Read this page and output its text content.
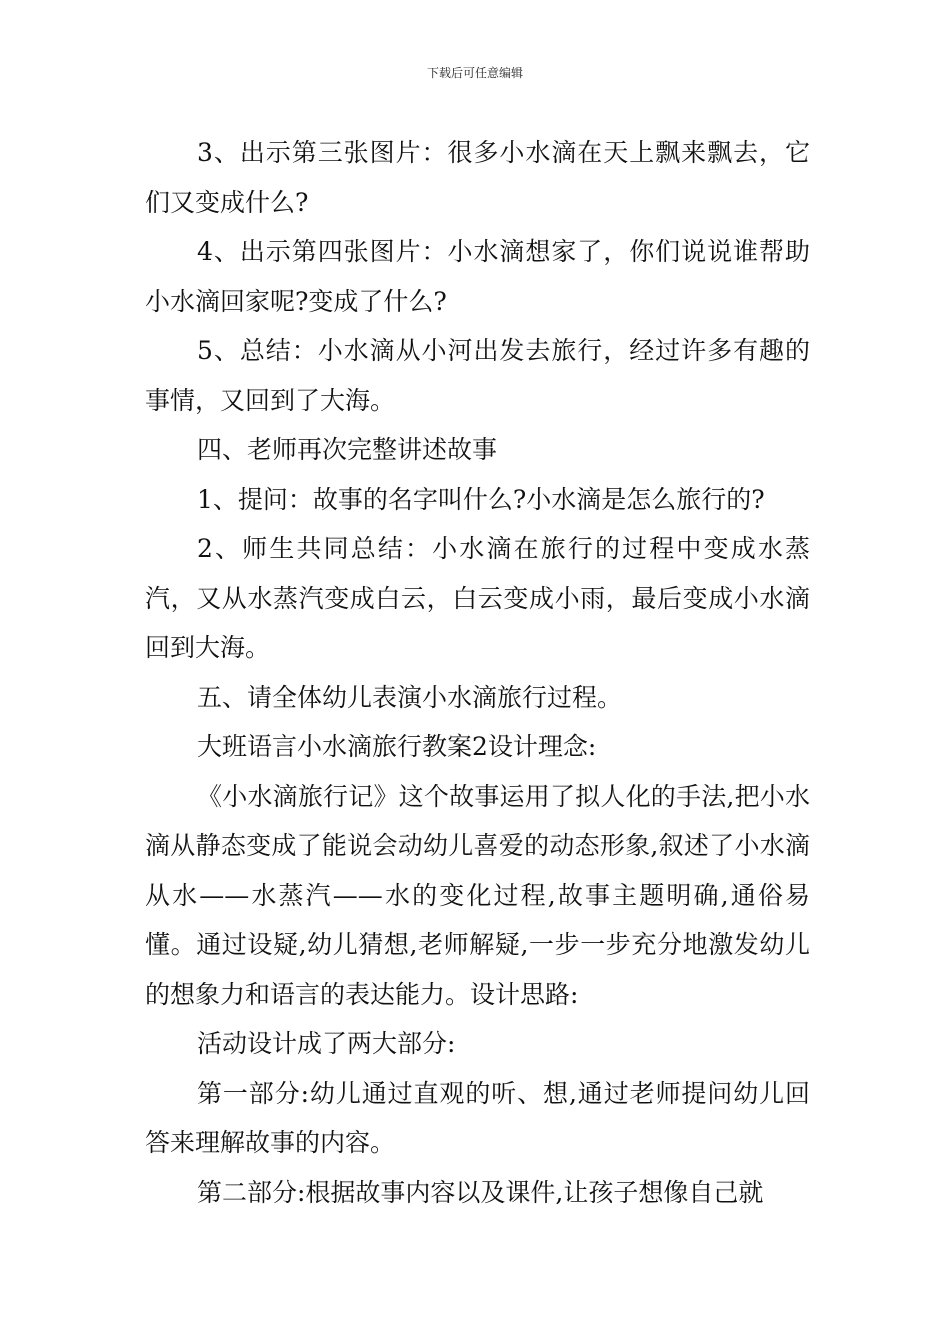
下载后可任意编辑

3、出示第三张图片：很多小水滴在天上飘来飘去，它们又变成什么?

4、出示第四张图片：小水滴想家了，你们说说谁帮助小水滴回家呢?变成了什么?

5、总结：小水滴从小河出发去旅行，经过许多有趣的事情，又回到了大海。

四、老师再次完整讲述故事

1、提问：故事的名字叫什么?小水滴是怎么旅行的?

2、师生共同总结：小水滴在旅行的过程中变成水蒸汽，又从水蒸汽变成白云，白云变成小雨，最后变成小水滴回到大海。

五、请全体幼儿表演小水滴旅行过程。

大班语言小水滴旅行教案2设计理念:

《小水滴旅行记》这个故事运用了拟人化的手法,把小水滴从静态变成了能说会动幼儿喜爱的动态形象,叙述了小水滴从水——水蒸汽——水的变化过程,故事主题明确,通俗易懂。通过设疑,幼儿猜想,老师解疑,一步一步充分地激发幼儿的想象力和语言的表达能力。设计思路:

活动设计成了两大部分:

第一部分:幼儿通过直观的听、想,通过老师提问幼儿回答来理解故事的内容。

第二部分:根据故事内容以及课件,让孩子想像自己就
